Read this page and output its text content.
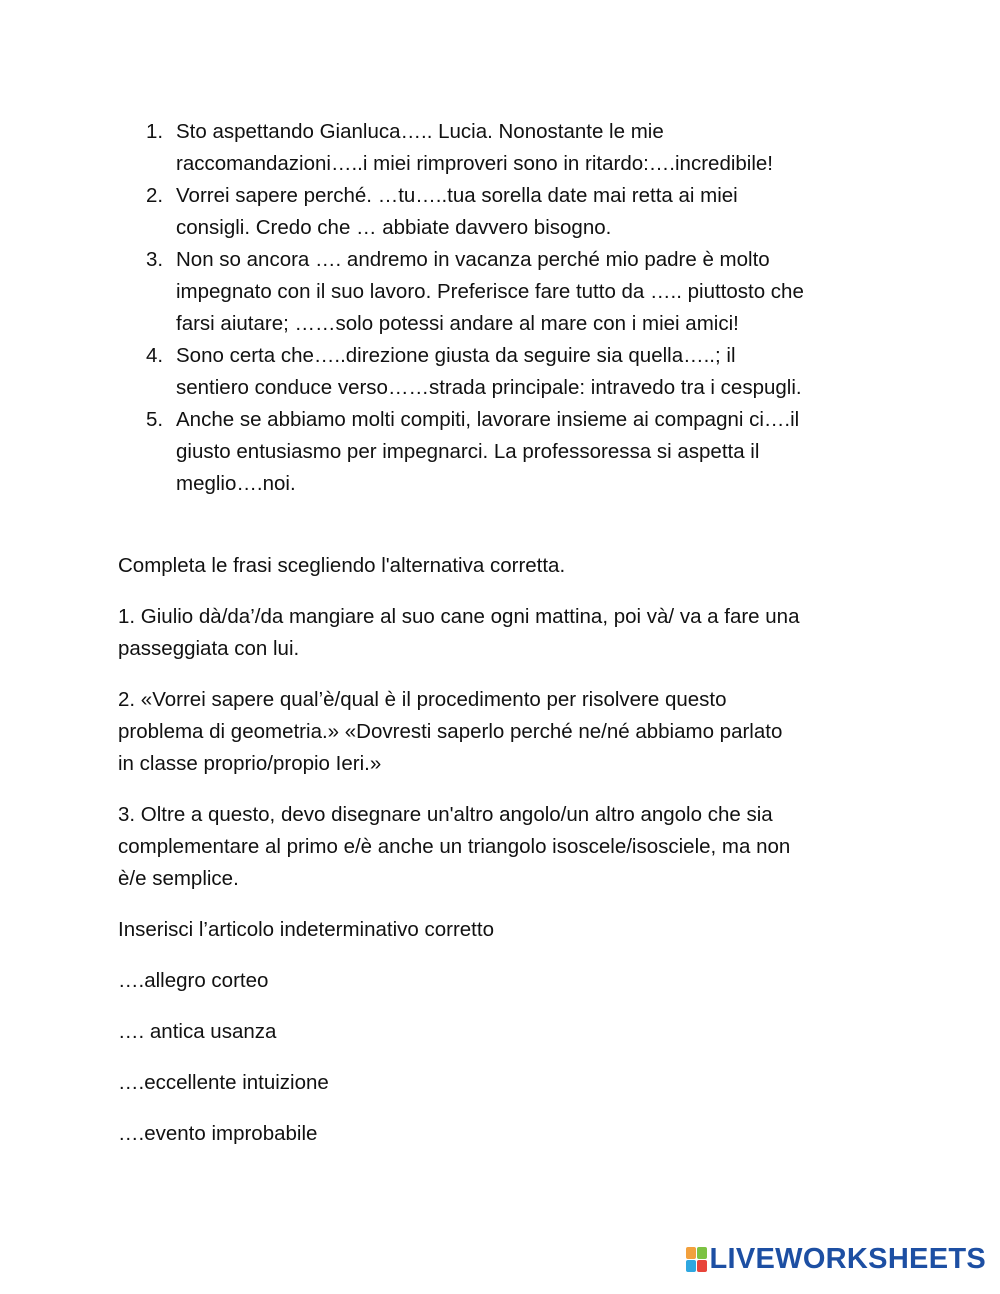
1. Sto aspettando Gianluca….. Lucia. Nonostante le mie
raccomandazioni…..i miei rimproveri sono in ritardo:….incredibile!
2. Vorrei sapere perché. …tu…..tua sorella date mai retta ai miei
consigli. Credo che … abbiate davvero bisogno.
3. Non so ancora …. andremo in vacanza perché mio padre è molto
impegnato con il suo lavoro. Preferisce fare tutto da ….. piuttosto che
farsi aiutare; ……solo potessi andare al mare con i miei amici!
4. Sono certa che…..direzione giusta da seguire sia quella…..; il
sentiero conduce verso……strada principale: intravedo tra i cespugli.
5. Anche se abbiamo molti compiti, lavorare insieme ai compagni ci….il
giusto entusiasmo per impegnarci. La professoressa si aspetta il
meglio….noi.

Completa le frasi scegliendo l'alternativa corretta.

1. Giulio dà/da’/da mangiare al suo cane ogni mattina, poi và/ va a fare una
passeggiata con lui.
2. «Vorrei sapere qual’è/qual è il procedimento per risolvere questo
problema di geometria.» «Dovresti saperlo perché ne/né abbiamo parlato
in classe proprio/propio Ieri.»
3. Oltre a questo, devo disegnare un'altro angolo/un altro angolo che sia
complementare al primo e/è anche un triangolo isoscele/isosciele, ma non
è/e semplice.

Inserisci l’articolo indeterminativo corretto

….allegro corteo

…. antica usanza

….eccellente intuizione

….evento improbabile

LIVEWORKSHEETS
